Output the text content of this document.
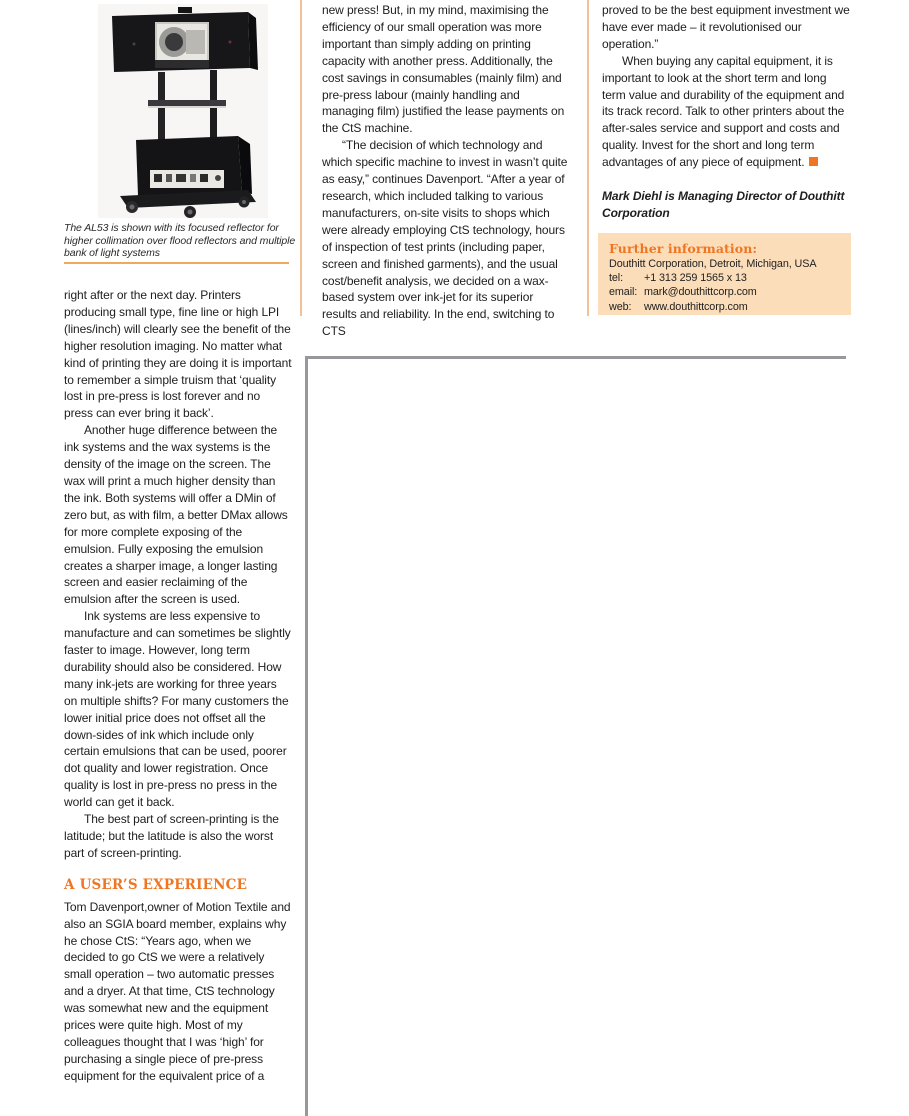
The AL53 is shown with its focused reflector for higher collimation over flood reflectors and multiple bank of light systems

right after or the next day. Printers producing small type, fine line or high LPI (lines/inch) will clearly see the benefit of the higher resolution imaging. No matter what kind of printing they are doing it is important to remember a simple truism that ‘quality lost in pre-press is lost forever and no press can ever bring it back’.

Another huge difference between the ink systems and the wax systems is the density of the image on the screen. The wax will print a much higher density than the ink. Both systems will offer a DMin of zero but, as with film, a better DMax allows for more complete exposing of the emulsion. Fully exposing the emulsion creates a sharper image, a longer lasting screen and easier reclaiming of the emulsion after the screen is used.

Ink systems are less expensive to manufacture and can sometimes be slightly faster to image. However, long term durability should also be considered. How many ink-jets are working for three years on multiple shifts? For many customers the lower initial price does not offset all the down-sides of ink which include only certain emulsions that can be used, poorer dot quality and lower registration. Once quality is lost in pre-press no press in the world can get it back.

The best part of screen-printing is the latitude; but the latitude is also the worst part of screen-printing.

A USER’S EXPERIENCE

Tom Davenport,owner of Motion Textile and also an SGIA board member, explains why he chose CtS: “Years ago, when we decided to go CtS we were a relatively small operation – two automatic presses and a dryer. At that time, CtS technology was somewhat new and the equipment prices were quite high. Most of my colleagues thought that I was ‘high’ for purchasing a single piece of pre-press equipment for the equivalent price of a

new press! But, in my mind, maximising the efficiency of our small operation was more important than simply adding on printing capacity with another press. Additionally, the cost savings in consumables (mainly film) and pre-press labour (mainly handling and managing film) justified the lease payments on the CtS machine.

“The decision of which technology and which specific machine to invest in wasn’t quite as easy,” continues Davenport. “After a year of research, which included talking to various manufacturers, on-site visits to shops which were already employing CtS technology, hours of inspection of test prints (including paper, screen and finished garments), and the usual cost/benefit analysis, we decided on a wax-based system over ink-jet for its superior results and reliability. In the end, switching to CTS

proved to be the best equipment investment we have ever made – it revolutionised our operation.”

When buying any capital equipment, it is important to look at the short term and long term value and durability of the equipment and its track record. Talk to other printers about the after-sales service and support and costs and quality. Invest for the short and long term advantages of any piece of equipment.

Mark Diehl is Managing Director of Douthitt Corporation
Further information:
Douthitt Corporation, Detroit, Michigan, USA
tel: +1 313 259 1565 x 13
email: mark@douthittcorp.com
web: www.douthittcorp.com
